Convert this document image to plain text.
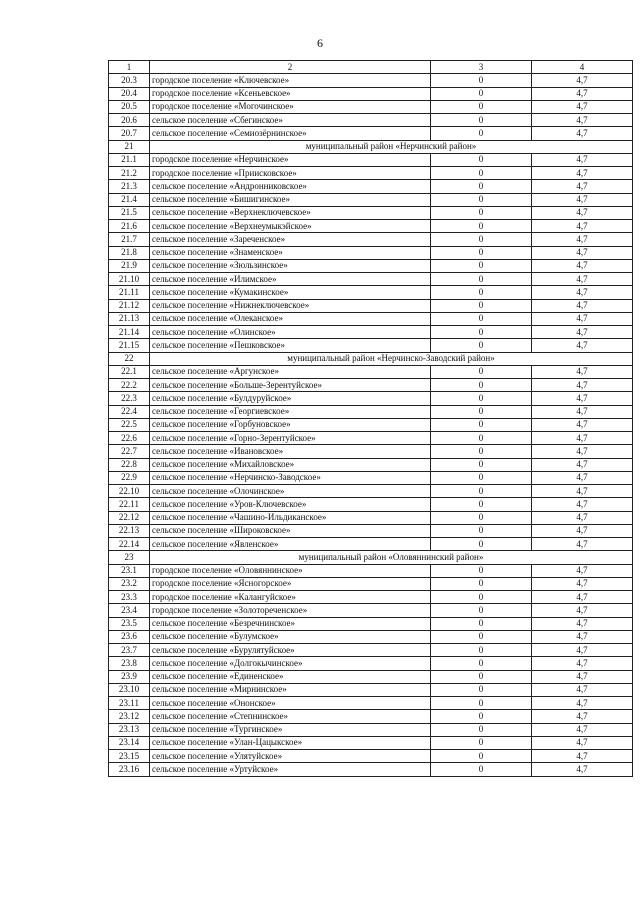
6
1	2	3	4
20.3	городское поселение «Ключевское»	0	4,7
20.4	городское поселение «Ксеньевское»	0	4,7
20.5	городское поселение «Могочинское»	0	4,7
20.6	сельское поселение «Сбегинское»	0	4,7
20.7	сельское поселение «Семиозёрнинское»	0	4,7
21	муниципальный район «Нерчинский район»		
21.1	городское поселение «Нерчинское»	0	4,7
21.2	городское поселение «Приисковское»	0	4,7
21.3	сельское поселение «Андронниковское»	0	4,7
21.4	сельское поселение «Бишигинское»	0	4,7
21.5	сельское поселение «Верхнеключевское»	0	4,7
21.6	сельское поселение «Верхнеумыкэйское»	0	4,7
21.7	сельское поселение «Зареченское»	0	4,7
21.8	сельское поселение «Знаменское»	0	4,7
21.9	сельское поселение «Зюльзинское»	0	4,7
21.10	сельское поселение «Илимское»	0	4,7
21.11	сельское поселение «Кумакинское»	0	4,7
21.12	сельское поселение «Нижнеключевское»	0	4,7
21.13	сельское поселение «Олеканское»	0	4,7
21.14	сельское поселение «Олинское»	0	4,7
21.15	сельское поселение «Пешковское»	0	4,7
22	муниципальный район «Нерчинско-Заводский район»		
22.1	сельское поселение «Аргунское»	0	4,7
22.2	сельское поселение «Больше-Зерентуйское»	0	4,7
22.3	сельское поселение «Булдуруйское»	0	4,7
22.4	сельское поселение «Георгиевское»	0	4,7
22.5	сельское поселение «Горбуновское»	0	4,7
22.6	сельское поселение «Горно-Зерентуйское»	0	4,7
22.7	сельское поселение «Ивановское»	0	4,7
22.8	сельское поселение «Михайловское»	0	4,7
22.9	сельское поселение «Нерчинско-Заводское»	0	4,7
22.10	сельское поселение «Олочинское»	0	4,7
22.11	сельское поселение «Уров-Ключевское»	0	4,7
22.12	сельское поселение «Чашино-Ильдиканское»	0	4,7
22.13	сельское поселение «Широковское»	0	4,7
22.14	сельское поселение «Явленское»	0	4,7
23	муниципальный район «Оловяннинский район»		
23.1	городское поселение «Оловяннинское»	0	4,7
23.2	городское поселение «Ясногорское»	0	4,7
23.3	городское поселение «Калангуйское»	0	4,7
23.4	городское поселение «Золотореченское»	0	4,7
23.5	сельское поселение «Безречнинское»	0	4,7
23.6	сельское поселение «Булумское»	0	4,7
23.7	сельское поселение «Бурулятуйское»	0	4,7
23.8	сельское поселение «Долгокычинское»	0	4,7
23.9	сельское поселение «Единенское»	0	4,7
23.10	сельское поселение «Мирнинское»	0	4,7
23.11	сельское поселение «Ононское»	0	4,7
23.12	сельское поселение «Степнинское»	0	4,7
23.13	сельское поселение «Тургинское»	0	4,7
23.14	сельское поселение «Улан-Цацыкское»	0	4,7
23.15	сельское поселение «Улятуйское»	0	4,7
23.16	сельское поселение «Уртуйское»	0	4,7
